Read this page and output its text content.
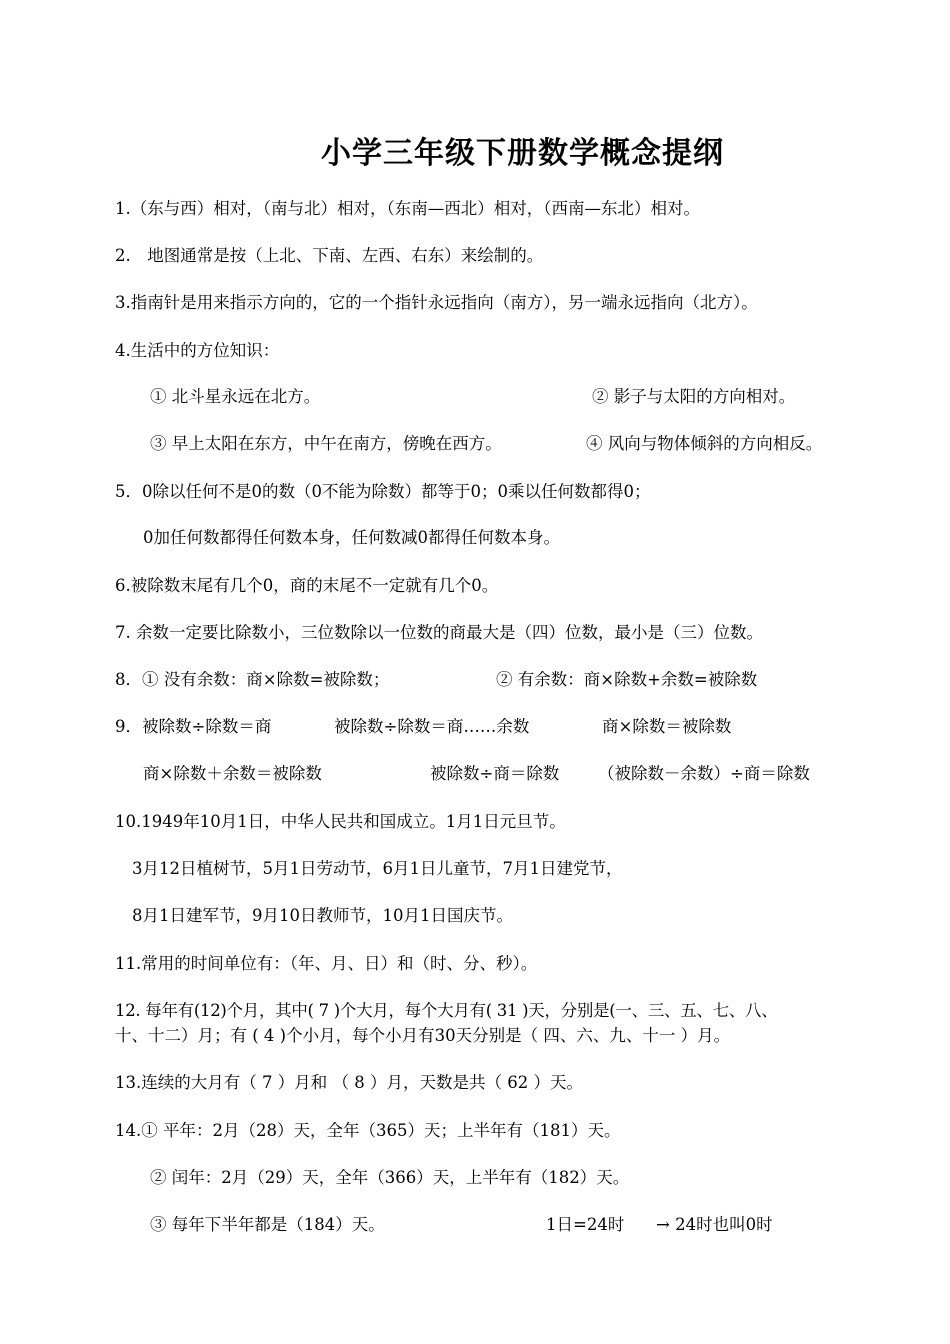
小学三年级下册数学概念提纲
1.（东与西）相对，（南与北）相对，（东南—西北）相对，（西南—东北）相对。
2.　地图通常是按（上北、下南、左西、右东）来绘制的。
3.指南针是用来指示方向的，它的一个指针永远指向（南方），另一端永远指向（北方）。
4.生活中的方位知识：
① 北斗星永远在北方。	② 影子与太阳的方向相对。
③ 早上太阳在东方，中午在南方，傍晚在西方。	④ 风向与物体倾斜的方向相反。
5．0除以任何不是0的数（0不能为除数）都等于0；0乘以任何数都得0；
0加任何数都得任何数本身，任何数减0都得任何数本身。
6.被除数末尾有几个0，商的末尾不一定就有几个0。
7. 余数一定要比除数小，三位数除以一位数的商最大是（四）位数，最小是（三）位数。
8．① 没有余数：商×除数=被除数；	② 有余数：商×除数+余数=被除数
9．被除数÷除数＝商	被除数÷除数＝商……余数	商×除数＝被除数
商×除数＋余数＝被除数	被除数÷商＝除数 （被除数－余数）÷商＝除数
10.1949年10月1日，中华人民共和国成立。1月1日元旦节。
3月12日植树节，5月1日劳动节，6月1日儿童节，7月1日建党节，
8月1日建军节，9月10日教师节，10月1日国庆节。
11.常用的时间单位有：（年、月、日）和（时、分、秒）。
12. 每年有(12)个月，其中( 7 )个大月，每个大月有( 31 )天，分别是(一、三、五、七、八、
十、十二）月；有 ( 4 )个小月，每个小月有30天分别是（ 四、六、九、十一 ）月。
13.连续的大月有（ 7 ）月和 （ 8 ）月，天数是共（ 62 ）天。
14.① 平年：2月（28）天，全年（365）天；上半年有（181）天。
② 闰年：2月（29）天，全年（366）天，上半年有（182）天。
③ 每年下半年都是（184）天。	1日=24时 → 24时也叫0时
